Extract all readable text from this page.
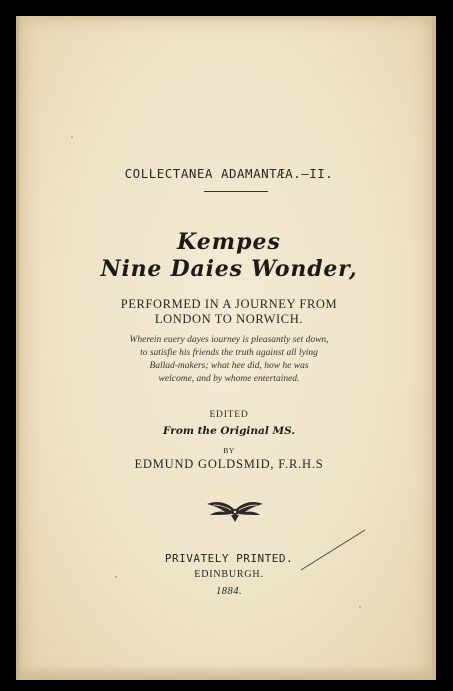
COLLECTANEA ADAMANTÆA.—II.
Kempes
Nine Daies Wonder,
PERFORMED IN A JOURNEY FROM
LONDON TO NORWICH.
Wherein euery dayes iourney is pleasantly set down,
to satisfie his friends the truth against all lying
Ballad-makers; what hee did, how he was
welcome, and by whome entertained.
EDITED
From the Original MS.
BY
EDMUND GOLDSMID, F.R.H.S
PRIVATELY PRINTED.
EDINBURGH.
1884.
